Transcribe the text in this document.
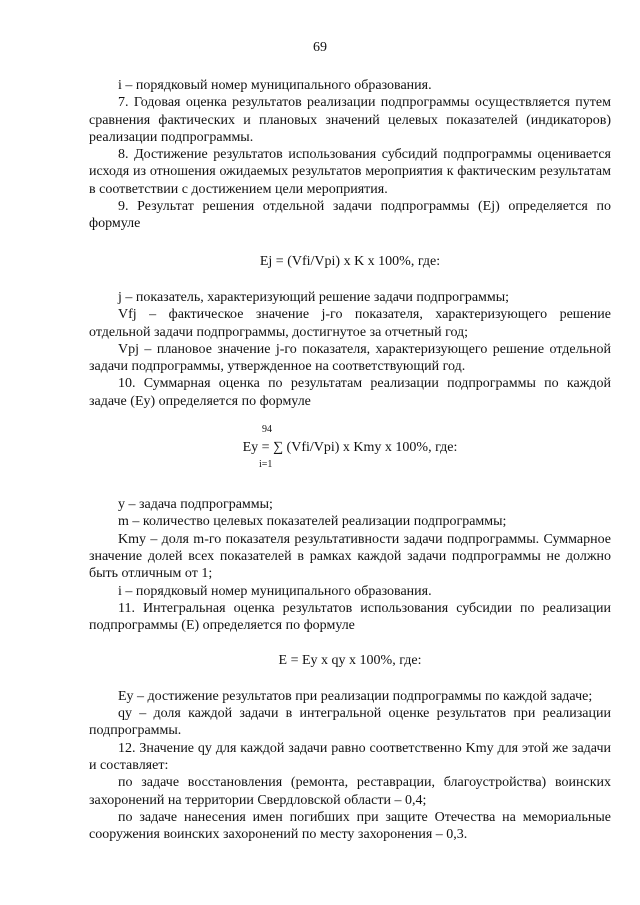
69

i – порядковый номер муниципального образования.

7. Годовая оценка результатов реализации подпрограммы осуществляется путем сравнения фактических и плановых значений целевых показателей (индикаторов) реализации подпрограммы.

8. Достижение результатов использования субсидий подпрограммы оценивается исходя из отношения ожидаемых результатов мероприятия к фактическим результатам в соответствии с достижением цели мероприятия.

9. Результат решения отдельной задачи подпрограммы (Ej) определяется по формуле

Ej = (Vfi/Vpi) x K x 100%, где:

j – показатель, характеризующий решение задачи подпрограммы;

Vfj – фактическое значение j-го показателя, характеризующего решение отдельной задачи подпрограммы, достигнутое за отчетный год;

Vpj – плановое значение j-го показателя, характеризующего решение отдельной задачи подпрограммы, утвержденное на соответствующий год.

10. Суммарная оценка по результатам реализации подпрограммы по каждой задаче (Ey) определяется по формуле

94
Ey = ∑ (Vfi/Vpi) x Kmy x 100%, где:
i=1

y – задача подпрограммы;

m – количество целевых показателей реализации подпрограммы;

Kmy – доля m-го показателя результативности задачи подпрограммы. Суммарное значение долей всех показателей в рамках каждой задачи подпрограммы не должно быть отличным от 1;

i – порядковый номер муниципального образования.

11. Интегральная оценка результатов использования субсидии по реализации подпрограммы (E) определяется по формуле

E = Ey x qy x 100%, где:

Ey – достижение результатов при реализации подпрограммы по каждой задаче;

qy – доля каждой задачи в интегральной оценке результатов при реализации подпрограммы.

12. Значение qy для каждой задачи равно соответственно Kmy для этой же задачи и составляет:

по задаче восстановления (ремонта, реставрации, благоустройства) воинских захоронений на территории Свердловской области – 0,4;

по задаче нанесения имен погибших при защите Отечества на мемориальные сооружения воинских захоронений по месту захоронения – 0,3.
